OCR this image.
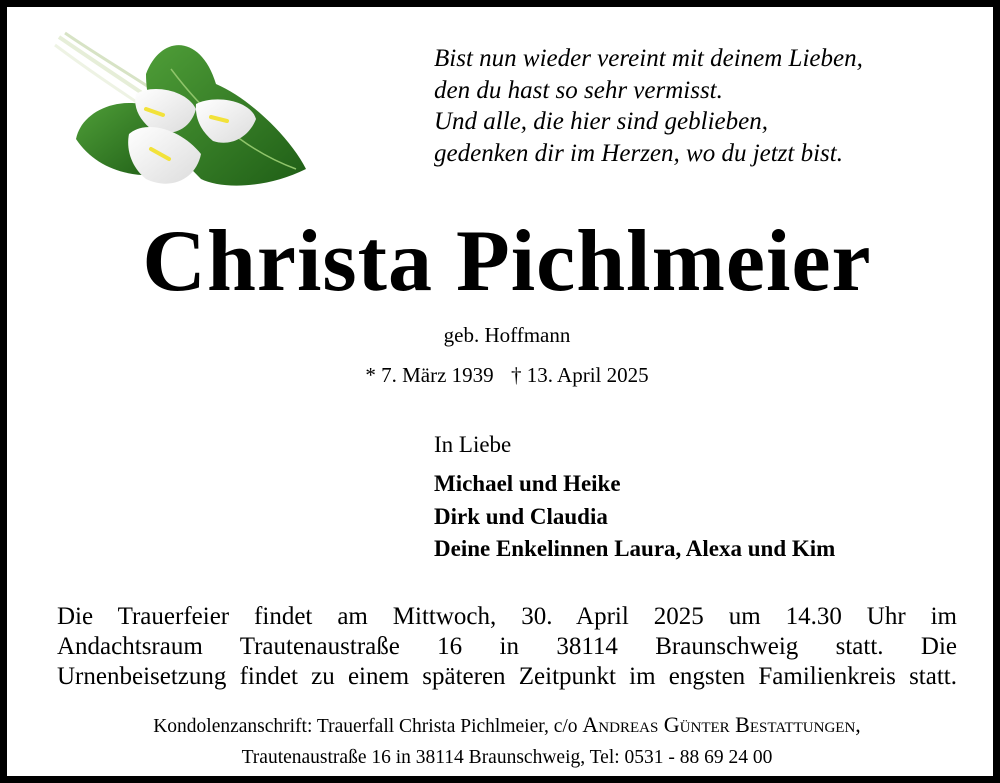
Bist nun wieder vereint mit deinem Lieben,
den du hast so sehr vermisst.
Und alle, die hier sind geblieben,
gedenken dir im Herzen, wo du jetzt bist.
Christa Pichlmeier
geb. Hoffmann
* 7. März 1939 † 13. April 2025
In Liebe
Michael und Heike
Dirk und Claudia
Deine Enkelinnen Laura, Alexa und Kim
Die Trauerfeier findet am Mittwoch, 30. April 2025 um 14.30 Uhr im
Andachtsraum Trautenaustraße 16 in 38114 Braunschweig statt. Die
Urnenbeisetzung findet zu einem späteren Zeitpunkt im engsten Familienkreis statt.
Kondolenzanschrift: Trauerfall Christa Pichlmeier, c/o Andreas Günter Bestattungen,
Trautenaustraße 16 in 38114 Braunschweig, Tel: 0531 - 88 69 24 00
